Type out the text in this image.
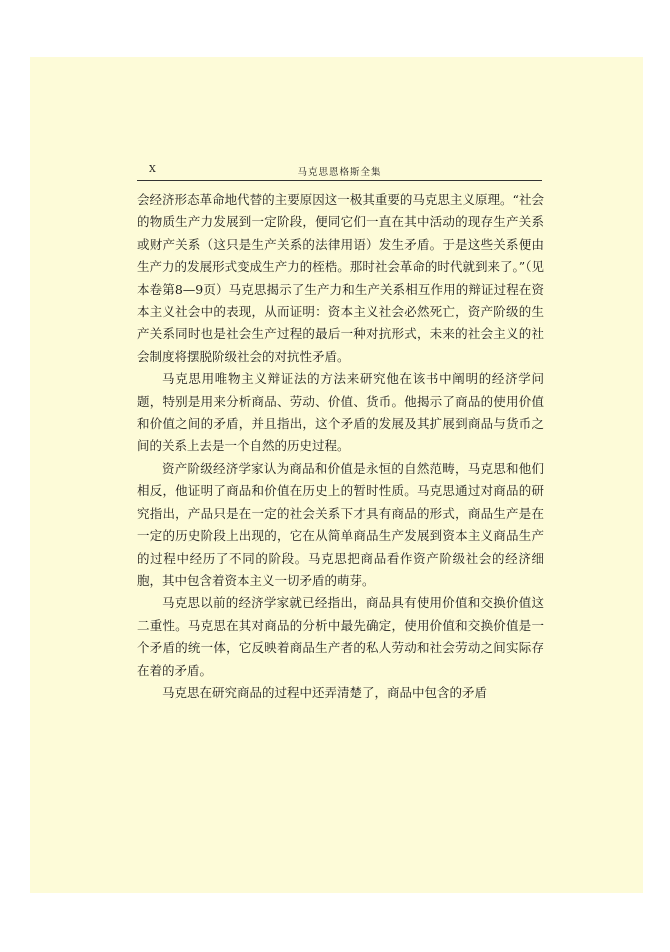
X	马克思恩格斯全集

会经济形态革命地代替的主要原因这一极其重要的马克思主义原理。“社会的物质生产力发展到一定阶段，便同它们一直在其中活动的现存生产关系或财产关系（这只是生产关系的法律用语）发生矛盾。于是这些关系便由生产力的发展形式变成生产力的桎梏。那时社会革命的时代就到来了。”（见本卷第8—9页）马克思揭示了生产力和生产关系相互作用的辩证过程在资本主义社会中的表现，从而证明：资本主义社会必然死亡，资产阶级的生产关系同时也是社会生产过程的最后一种对抗形式，未来的社会主义的社会制度将摆脱阶级社会的对抗性矛盾。

马克思用唯物主义辩证法的方法来研究他在该书中阐明的经济学问题，特别是用来分析商品、劳动、价值、货币。他揭示了商品的使用价值和价值之间的矛盾，并且指出，这个矛盾的发展及其扩展到商品与货币之间的关系上去是一个自然的历史过程。

资产阶级经济学家认为商品和价值是永恒的自然范畴，马克思和他们相反，他证明了商品和价值在历史上的暂时性质。马克思通过对商品的研究指出，产品只是在一定的社会关系下才具有商品的形式，商品生产是在一定的历史阶段上出现的，它在从简单商品生产发展到资本主义商品生产的过程中经历了不同的阶段。马克思把商品看作资产阶级社会的经济细胞，其中包含着资本主义一切矛盾的萌芽。

马克思以前的经济学家就已经指出，商品具有使用价值和交换价值这二重性。马克思在其对商品的分析中最先确定，使用价值和交换价值是一个矛盾的统一体，它反映着商品生产者的私人劳动和社会劳动之间实际存在着的矛盾。

马克思在研究商品的过程中还弄清楚了，商品中包含的矛盾
